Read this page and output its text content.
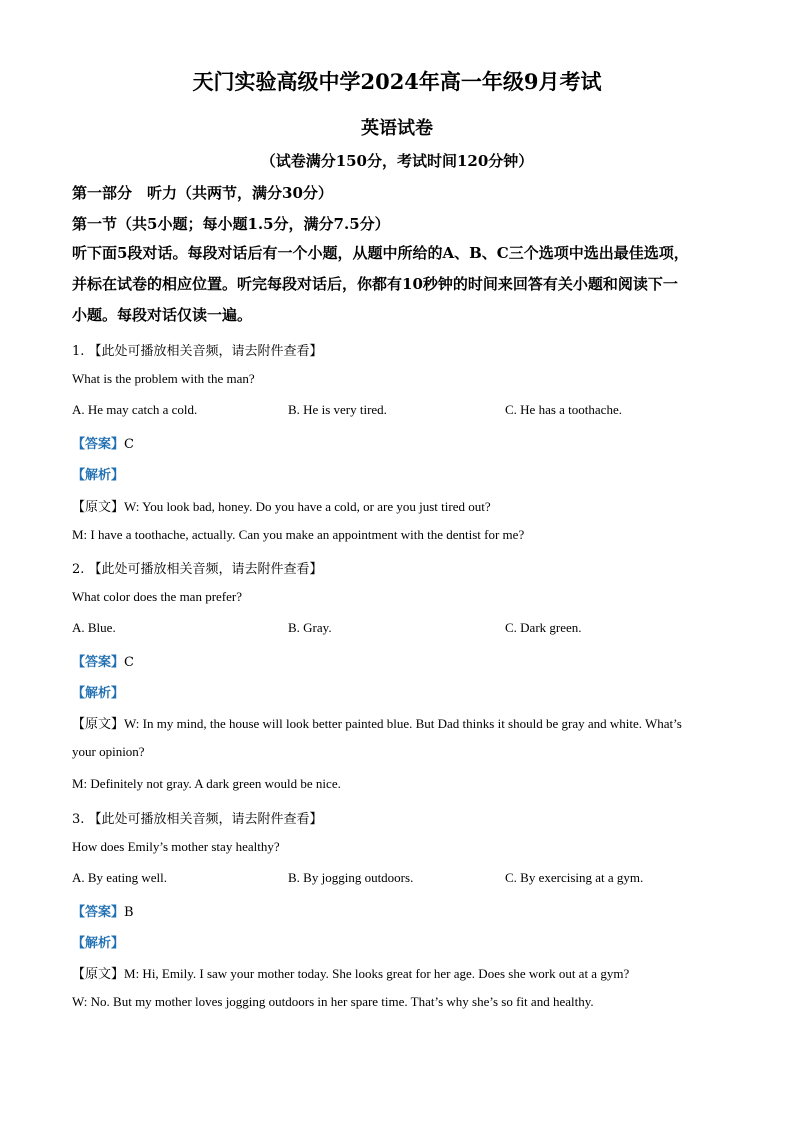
天门实验高级中学2024年高一年级9月考试
英语试卷
（试卷满分150分，考试时间120分钟）
第一部分　听力（共两节，满分30分）
第一节（共5小题；每小题1.5分，满分7.5分）
听下面5段对话。每段对话后有一个小题，从题中所给的A、B、C三个选项中选出最佳选项，
并标在试卷的相应位置。听完每段对话后，你都有10秒钟的时间来回答有关小题和阅读下一
小题。每段对话仅读一遍。
1. 【此处可播放相关音频，请去附件查看】
What is the problem with the man?
A. He may catch a cold.	B. He is very tired.	C. He has a toothache.
【答案】C
【解析】
【原文】W: You look bad, honey. Do you have a cold, or are you just tired out?
M: I have a toothache, actually. Can you make an appointment with the dentist for me?
2. 【此处可播放相关音频，请去附件查看】
What color does the man prefer?
A. Blue.	B. Gray.	C. Dark green.
【答案】C
【解析】
【原文】W: In my mind, the house will look better painted blue. But Dad thinks it should be gray and white. What’s
your opinion?
M: Definitely not gray. A dark green would be nice.
3. 【此处可播放相关音频，请去附件查看】
How does Emily’s mother stay healthy?
A. By eating well.	B. By jogging outdoors.	C. By exercising at a gym.
【答案】B
【解析】
【原文】M: Hi, Emily. I saw your mother today. She looks great for her age. Does she work out at a gym?
W: No. But my mother loves jogging outdoors in her spare time. That’s why she’s so fit and healthy.
